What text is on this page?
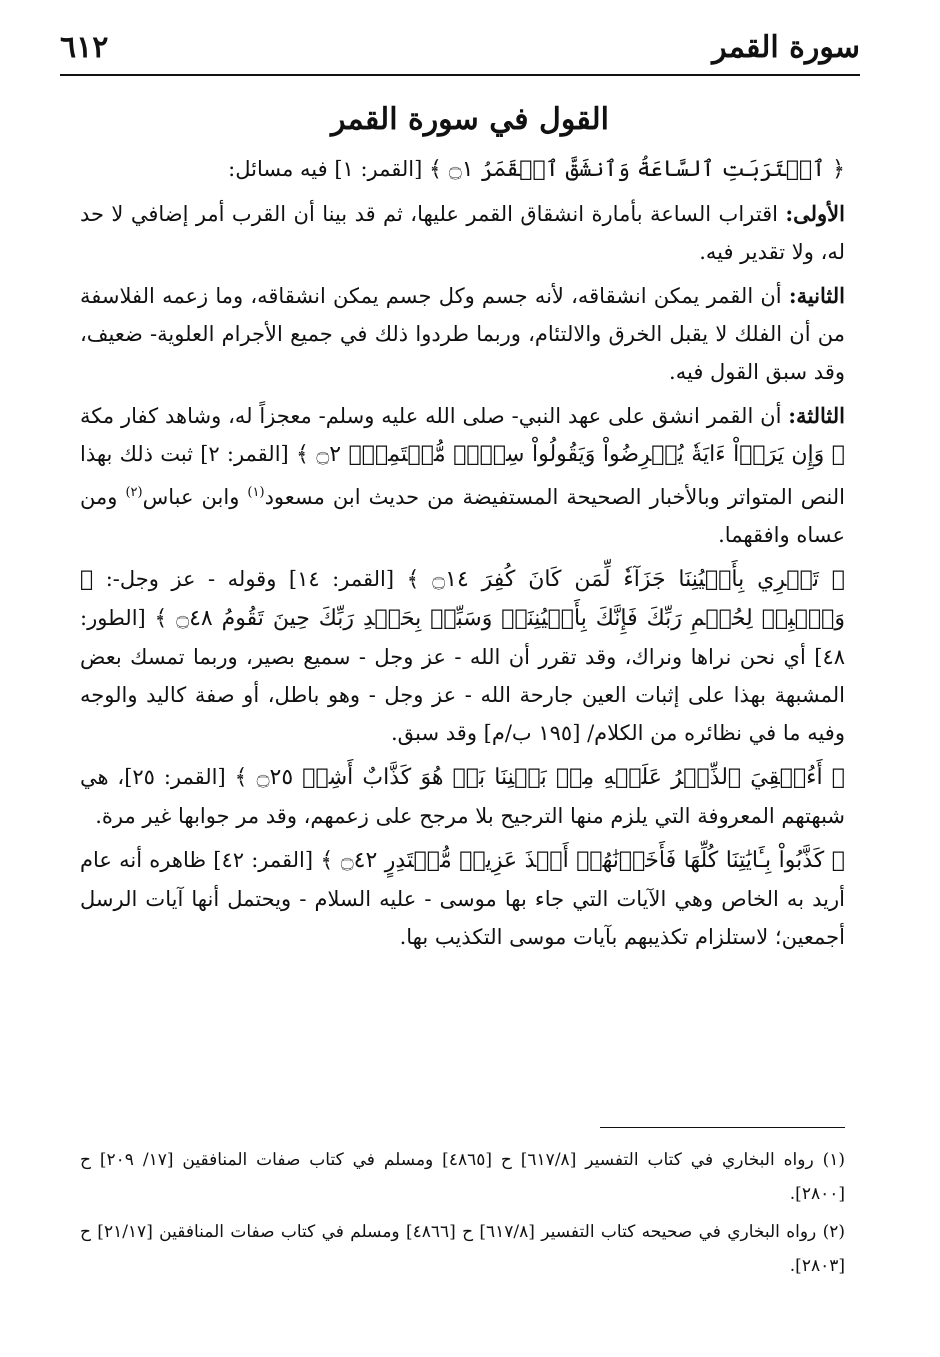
سورة القمر
٦١٢
القول في سورة القمر

﴿ ٱقۡتَرَبَتِ ٱلسَّاعَةُ وَٱنشَقَّ ٱلۡقَمَرُ ۝١ ﴾ [القمر: ١] فيه مسائل:

الأولى: اقتراب الساعة بأمارة انشقاق القمر عليها، ثم قد بينا أن القرب أمر إضافي لا حد له، ولا تقدير فيه.

الثانية: أن القمر يمكن انشقاقه، لأنه جسم وكل جسم يمكن انشقاقه، وما زعمه الفلاسفة من أن الفلك لا يقبل الخرق والالتئام، وربما طردوا ذلك في جميع الأجرام العلوية- ضعيف، وقد سبق القول فيه.

الثالثة: أن القمر انشق على عهد النبي- صلى الله عليه وسلم- معجزاً له، وشاهد كفار مكة ﴿ وَإِن يَرَوۡاْ ءَايَةٗ يُعۡرِضُواْ وَيَقُولُواْ سِحۡرٞ مُّسۡتَمِرّٞ ۝٢ ﴾ [القمر: ٢] ثبت ذلك بهذا النص المتواتر وبالأخبار الصحيحة المستفيضة من حديث ابن مسعود$^{(١)}$ وابن عباس$^{(٢)}$ ومن عساه وافقهما.

﴿ تَجۡرِي بِأَعۡيُنِنَا جَزَآءٗ لِّمَن كَانَ كُفِرَ ۝١٤ ﴾ [القمر: ١٤] وقوله - عز وجل-: ﴿ وَٱصۡبِرۡ لِحُكۡمِ رَبِّكَ فَإِنَّكَ بِأَعۡيُنِنَاۖ وَسَبِّحۡ بِحَمۡدِ رَبِّكَ حِينَ تَقُومُ ۝٤٨ ﴾ [الطور: ٤٨] أي نحن نراها ونراك، وقد تقرر أن الله - عز وجل - سميع بصير، وربما تمسك بعض المشبهة بهذا على إثبات العين جارحة الله - عز وجل - وهو باطل، أو صفة كاليد والوجه وفيه ما في نظائره من الكلام/ [١٩٥ ب/م] وقد سبق.

﴿ أَءُلۡقِيَ ٱلذِّكۡرُ عَلَيۡهِ مِنۢ بَيۡنِنَا بَلۡ هُوَ كَذَّابٌ أَشِرٞ ۝٢٥ ﴾ [القمر: ٢٥]، هي شبهتهم المعروفة التي يلزم منها الترجيح بلا مرجح على زعمهم، وقد مر جوابها غير مرة.

﴿ كَذَّبُواْ بِـَٔايَٰتِنَا كُلِّهَا فَأَخَذۡنَٰهُمۡ أَخۡذَ عَزِيزٖ مُّقۡتَدِرٍ ۝٤٢ ﴾ [القمر: ٤٢] ظاهره أنه عام أريد به الخاص وهي الآيات التي جاء بها موسى - عليه السلام - ويحتمل أنها آيات الرسل أجمعين؛ لاستلزام تكذيبهم بآيات موسى التكذيب بها.

(١) رواه البخاري في كتاب التفسير [٦١٧/٨] ح [٤٨٦٥] ومسلم في كتاب صفات المنافقين [١٧/ ٢٠٩] ح [٢٨٠٠].

(٢) رواه البخاري في صحيحه كتاب التفسير [٦١٧/٨] ح [٤٨٦٦] ومسلم في كتاب صفات المنافقين [٢١/١٧] ح [٢٨٠٣].
